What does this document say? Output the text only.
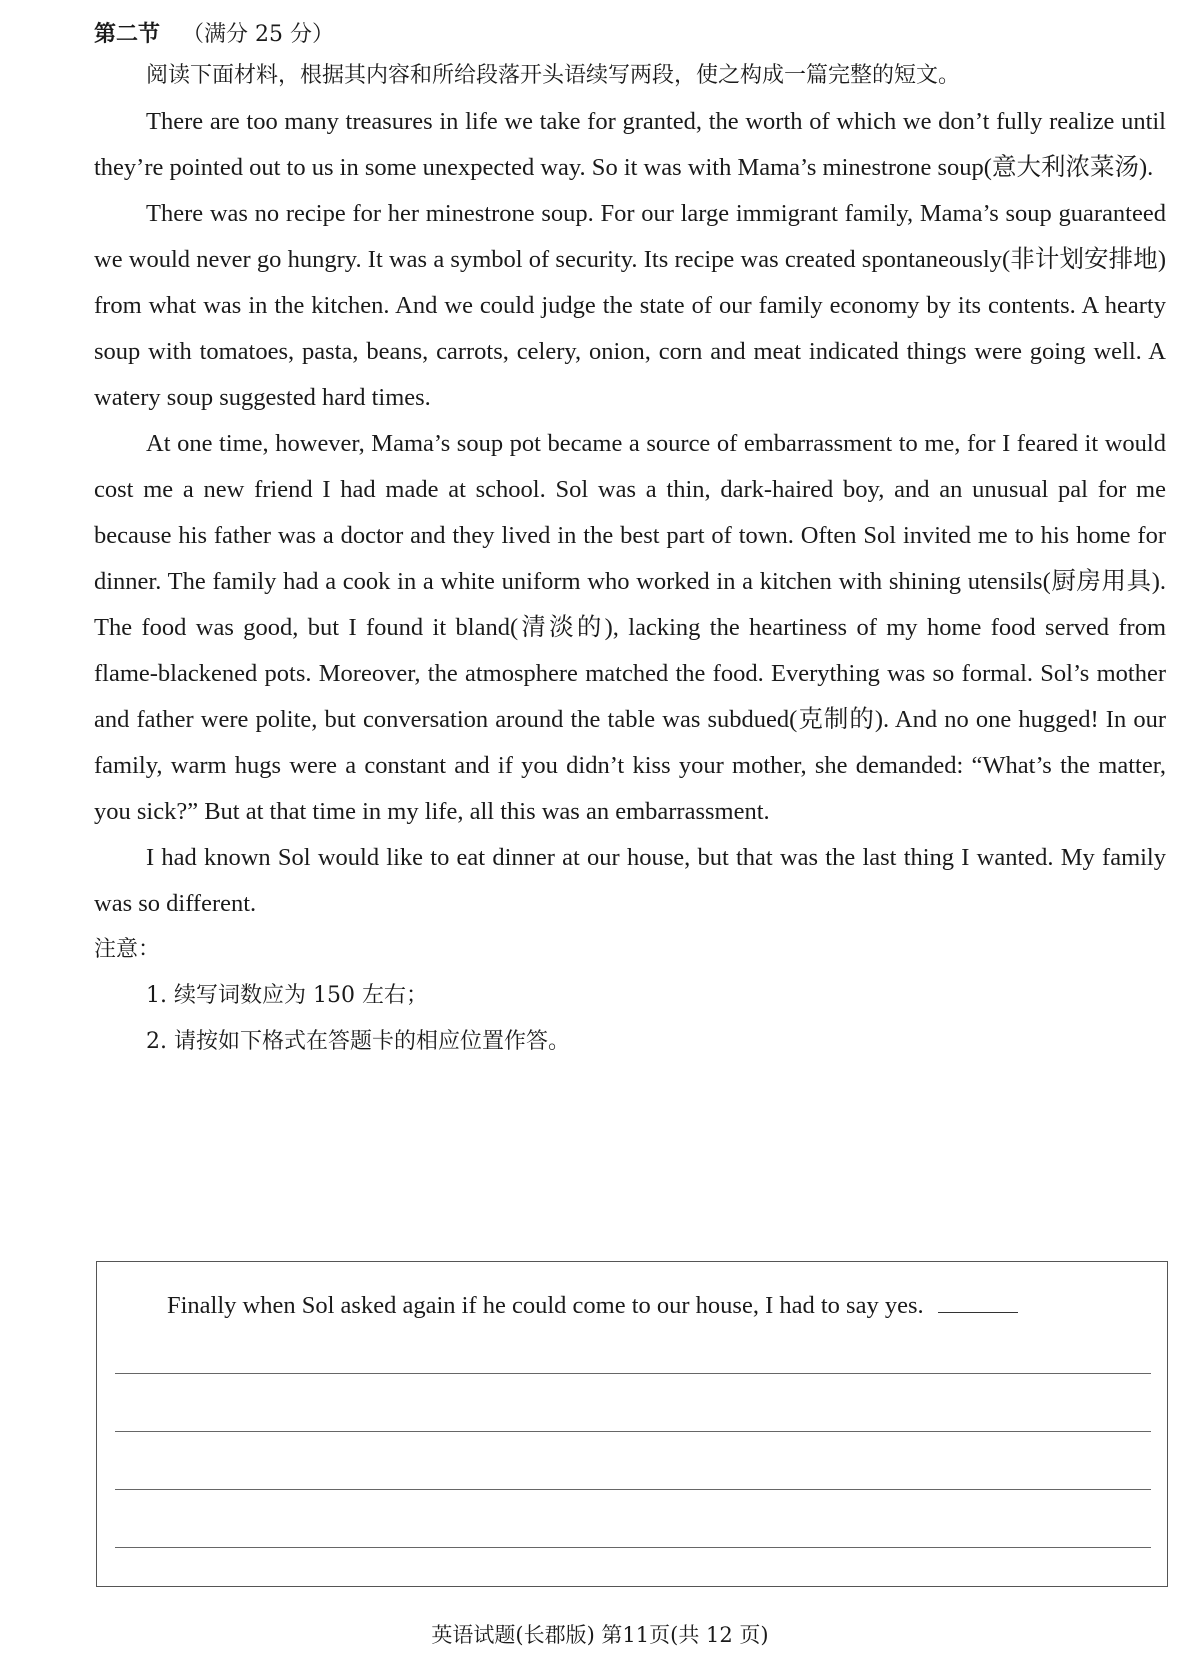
第二节 （满分 25 分）

阅读下面材料，根据其内容和所给段落开头语续写两段，使之构成一篇完整的短文。

There are too many treasures in life we take for granted, the worth of which we don’t fully realize until they’re pointed out to us in some unexpected way. So it was with Mama’s minestrone soup(意大利浓菜汤).

There was no recipe for her minestrone soup. For our large immigrant family, Mama’s soup guaranteed we would never go hungry. It was a symbol of security. Its recipe was created spontaneously(非计划安排地) from what was in the kitchen. And we could judge the state of our family economy by its contents. A hearty soup with tomatoes, pasta, beans, carrots, celery, onion, corn and meat indicated things were going well. A watery soup suggested hard times.

At one time, however, Mama’s soup pot became a source of embarrassment to me, for I feared it would cost me a new friend I had made at school. Sol was a thin, dark-haired boy, and an unusual pal for me because his father was a doctor and they lived in the best part of town. Often Sol invited me to his home for dinner. The family had a cook in a white uniform who worked in a kitchen with shining utensils(厨房用具). The food was good, but I found it bland(清淡的), lacking the heartiness of my home food served from flame-blackened pots. Moreover, the atmosphere matched the food. Everything was so formal. Sol’s mother and father were polite, but conversation around the table was subdued(克制的). And no one hugged! In our family, warm hugs were a constant and if you didn’t kiss your mother, she demanded: “What’s the matter, you sick?” But at that time in my life, all this was an embarrassment.

I had known Sol would like to eat dinner at our house, but that was the last thing I wanted. My family was so different.

注意：

1. 续写词数应为 150 左右；

2. 请按如下格式在答题卡的相应位置作答。

Finally when Sol asked again if he could come to our house, I had to say yes.
英语试题(长郡版) 第11页(共 12 页)
